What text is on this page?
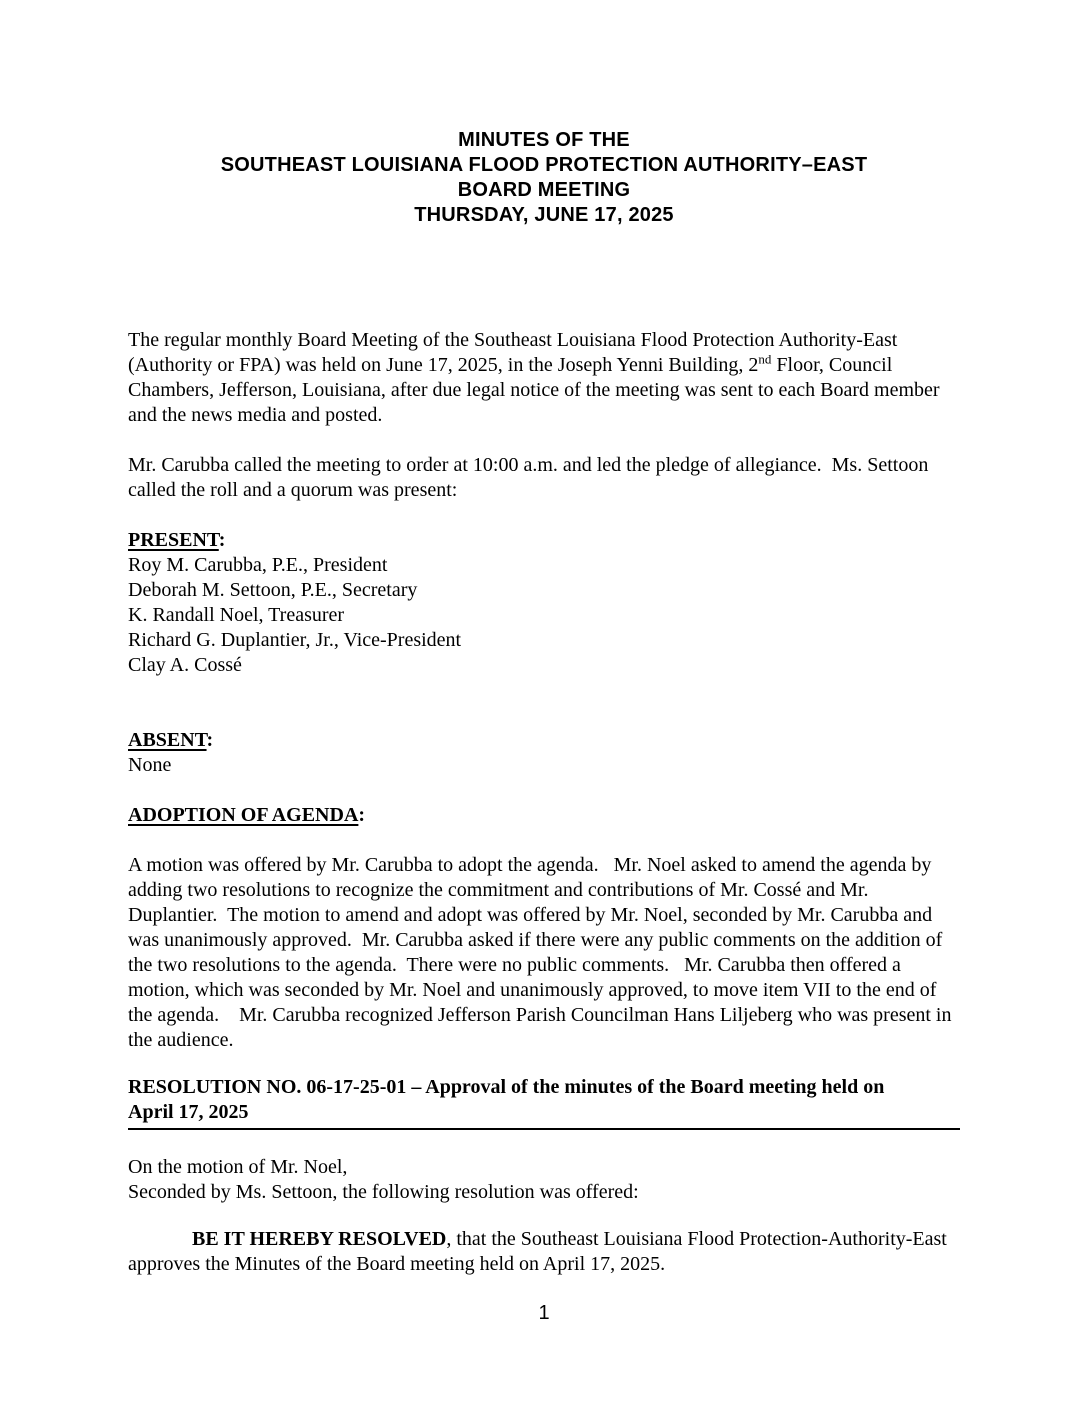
MINUTES OF THE
SOUTHEAST LOUISIANA FLOOD PROTECTION AUTHORITY–EAST
BOARD MEETING
THURSDAY, JUNE 17, 2025
The regular monthly Board Meeting of the Southeast Louisiana Flood Protection Authority-East (Authority or FPA) was held on June 17, 2025, in the Joseph Yenni Building, 2nd Floor, Council Chambers, Jefferson, Louisiana, after due legal notice of the meeting was sent to each Board member and the news media and posted.
Mr. Carubba called the meeting to order at 10:00 a.m. and led the pledge of allegiance.  Ms. Settoon called the roll and a quorum was present:
PRESENT:
Roy M. Carubba, P.E., President
Deborah M. Settoon, P.E., Secretary
K. Randall Noel, Treasurer
Richard G. Duplantier, Jr., Vice-President
Clay A. Cossé
ABSENT:
None
ADOPTION OF AGENDA:
A motion was offered by Mr. Carubba to adopt the agenda.   Mr. Noel asked to amend the agenda by adding two resolutions to recognize the commitment and contributions of Mr. Cossé and Mr. Duplantier.  The motion to amend and adopt was offered by Mr. Noel, seconded by Mr. Carubba and was unanimously approved.  Mr. Carubba asked if there were any public comments on the addition of the two resolutions to the agenda.  There were no public comments.   Mr. Carubba then offered a motion, which was seconded by Mr. Noel and unanimously approved, to move item VII to the end of the agenda.    Mr. Carubba recognized Jefferson Parish Councilman Hans Liljeberg who was present in the audience.
RESOLUTION NO. 06-17-25-01 – Approval of the minutes of the Board meeting held on
April 17, 2025
On the motion of Mr. Noel,
Seconded by Ms. Settoon, the following resolution was offered:
BE IT HEREBY RESOLVED, that the Southeast Louisiana Flood Protection-Authority-East approves the Minutes of the Board meeting held on April 17, 2025.
1
